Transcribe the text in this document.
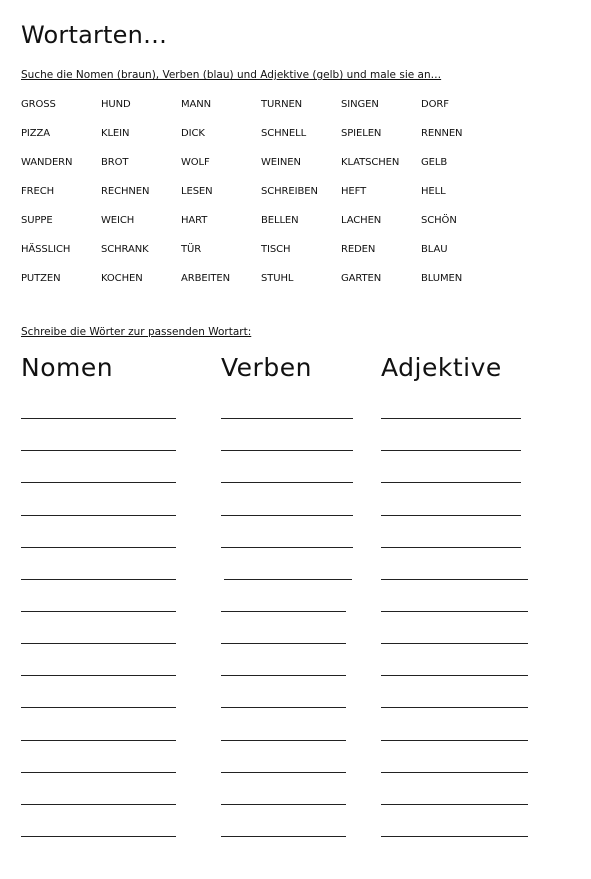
Wortarten…
Suche die Nomen (braun), Verben (blau) und Adjektive (gelb) und male sie an…
GROSS	HUND	MANN	TURNEN	SINGEN	DORF
PIZZA	KLEIN	DICK	SCHNELL	SPIELEN	RENNEN
WANDERN	BROT	WOLF	WEINEN	KLATSCHEN	GELB
FRECH	RECHNEN	LESEN	SCHREIBEN	HEFT	HELL
SUPPE	WEICH	HART	BELLEN	LACHEN	SCHÖN
HÄSSLICH	SCHRANK	TÜR	TISCH	REDEN	BLAU
PUTZEN	KOCHEN	ARBEITEN	STUHL	GARTEN	BLUMEN
Schreibe die Wörter zur passenden Wortart:
Nomen	Verben	Adjektive
